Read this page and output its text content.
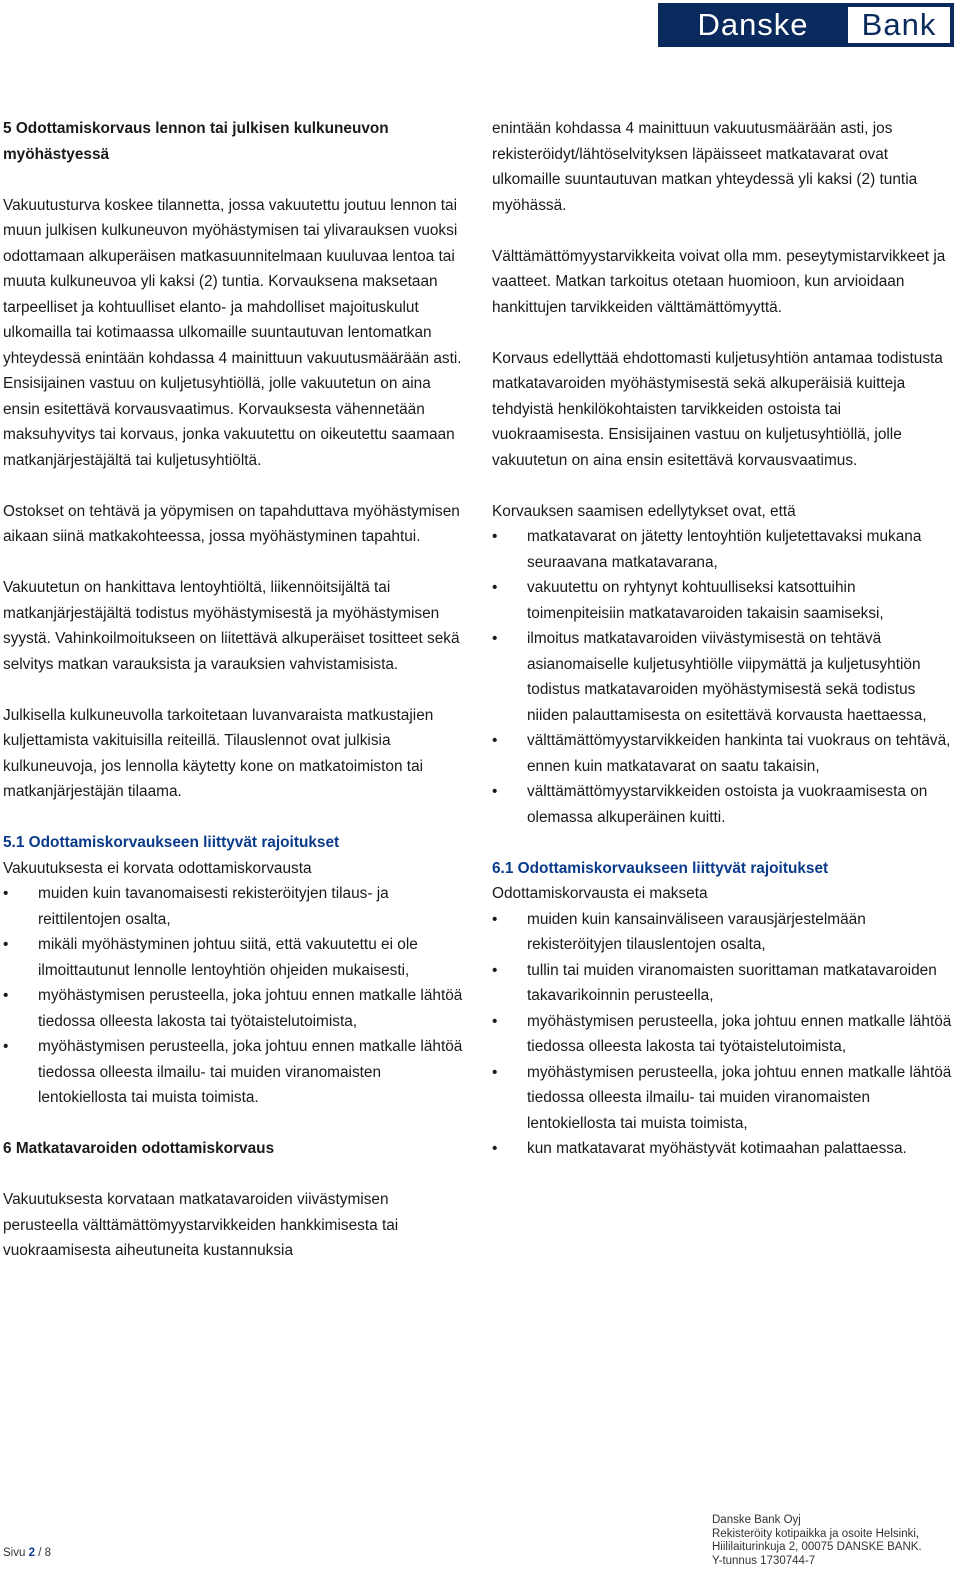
Danske	Bank

5 Odottamiskorvaus lennon tai julkisen kulkuneuvon myöhästyessä

Vakuutusturva koskee tilannetta, jossa vakuutettu joutuu lennon tai muun julkisen kulkuneuvon myöhästymisen tai ylivarauksen vuoksi odottamaan alkuperäisen matkasuunnitelmaan kuuluvaa lentoa tai muuta kulkuneuvoa yli kaksi (2) tuntia. Korvauksena maksetaan tarpeelliset ja kohtuulliset elanto- ja mahdolliset majoituskulut ulkomailla tai kotimaassa ulkomaille suuntautuvan lentomatkan yhteydessä enintään kohdassa 4 mainittuun vakuutusmäärään asti. Ensisijainen vastuu on kuljetusyhtiöllä, jolle vakuutetun on aina ensin esitettävä korvausvaatimus. Korvauksesta vähennetään maksuhyvitys tai korvaus, jonka vakuutettu on oikeutettu saamaan matkanjärjestäjältä tai kuljetusyhtiöltä.

Ostokset on tehtävä ja yöpymisen on tapahduttava myöhästymisen aikaan siinä matkakohteessa, jossa myöhästyminen tapahtui.

Vakuutetun on hankittava lentoyhtiöltä, liikennöitsijältä tai matkanjärjestäjältä todistus myöhästymisestä ja myöhästymisen syystä. Vahinkoilmoitukseen on liitettävä alkuperäiset tositteet sekä selvitys matkan varauksista ja varauksien vahvistamisista.

Julkisella kulkuneuvolla tarkoitetaan luvanvaraista matkustajien kuljettamista vakituisilla reiteillä. Tilauslennot ovat julkisia kulkuneuvoja, jos lennolla käytetty kone on matkatoimiston tai matkanjärjestäjän tilaama.

5.1 Odottamiskorvaukseen liittyvät rajoitukset

Vakuutuksesta ei korvata odottamiskorvausta

• muiden kuin tavanomaisesti rekisteröityjen tilaus- ja reittilentojen osalta,
• mikäli myöhästyminen johtuu siitä, että vakuutettu ei ole ilmoittautunut lennolle lentoyhtiön ohjeiden mukaisesti,
• myöhästymisen perusteella, joka johtuu ennen matkalle lähtöä tiedossa olleesta lakosta tai työtaistelutoimista,
• myöhästymisen perusteella, joka johtuu ennen matkalle lähtöä tiedossa olleesta ilmailu- tai muiden viranomaisten lentokiellosta tai muista toimista.

6 Matkatavaroiden odottamiskorvaus

Vakuutuksesta korvataan matkatavaroiden viivästymisen perusteella välttämättömyystarvikkeiden hankkimisesta tai vuokraamisesta aiheutuneita kustannuksia

enintään kohdassa 4 mainittuun vakuutusmäärään asti, jos rekisteröidyt/lähtöselvityksen läpäisseet matkatavarat ovat ulkomaille suuntautuvan matkan yhteydessä yli kaksi (2) tuntia myöhässä.

Välttämättömyystarvikkeita voivat olla mm. peseytymistarvikkeet ja vaatteet. Matkan tarkoitus otetaan huomioon, kun arvioidaan hankittujen tarvikkeiden välttämättömyyttä.

Korvaus edellyttää ehdottomasti kuljetusyhtiön antamaa todistusta matkatavaroiden myöhästymisestä sekä alkuperäisiä kuitteja tehdyistä henkilökohtaisten tarvikkeiden ostoista tai vuokraamisesta. Ensisijainen vastuu on kuljetusyhtiöllä, jolle vakuutetun on aina ensin esitettävä korvausvaatimus.

Korvauksen saamisen edellytykset ovat, että

• matkatavarat on jätetty lentoyhtiön kuljetettavaksi mukana seuraavana matkatavarana,
• vakuutettu on ryhtynyt kohtuulliseksi katsottuihin toimenpiteisiin matkatavaroiden takaisin saamiseksi,
• ilmoitus matkatavaroiden viivästymisestä on tehtävä asianomaiselle kuljetusyhtiölle viipymättä ja kuljetusyhtiön todistus matkatavaroiden myöhästymisestä sekä todistus niiden palauttamisesta on esitettävä korvausta haettaessa,
• välttämättömyystarvikkeiden hankinta tai vuokraus on tehtävä, ennen kuin matkatavarat on saatu takaisin,
• välttämättömyystarvikkeiden ostoista ja vuokraamisesta on olemassa alkuperäinen kuitti.

6.1 Odottamiskorvaukseen liittyvät rajoitukset

Odottamiskorvausta ei makseta

• muiden kuin kansainväliseen varausjärjestelmään rekisteröityjen tilauslentojen osalta,
• tullin tai muiden viranomaisten suorittaman matkatavaroiden takavarikoinnin perusteella,
• myöhästymisen perusteella, joka johtuu ennen matkalle lähtöä tiedossa olleesta lakosta tai työtaistelutoimista,
• myöhästymisen perusteella, joka johtuu ennen matkalle lähtöä tiedossa olleesta ilmailu- tai muiden viranomaisten lentokiellosta tai muista toimista,
• kun matkatavarat myöhästyvät kotimaahan palattaessa.
Sivu 2 / 8
Danske Bank Oyj
Rekisteröity kotipaikka ja osoite Helsinki,
Hiililaiturinkuja 2, 00075 DANSKE BANK.
Y-tunnus 1730744-7
